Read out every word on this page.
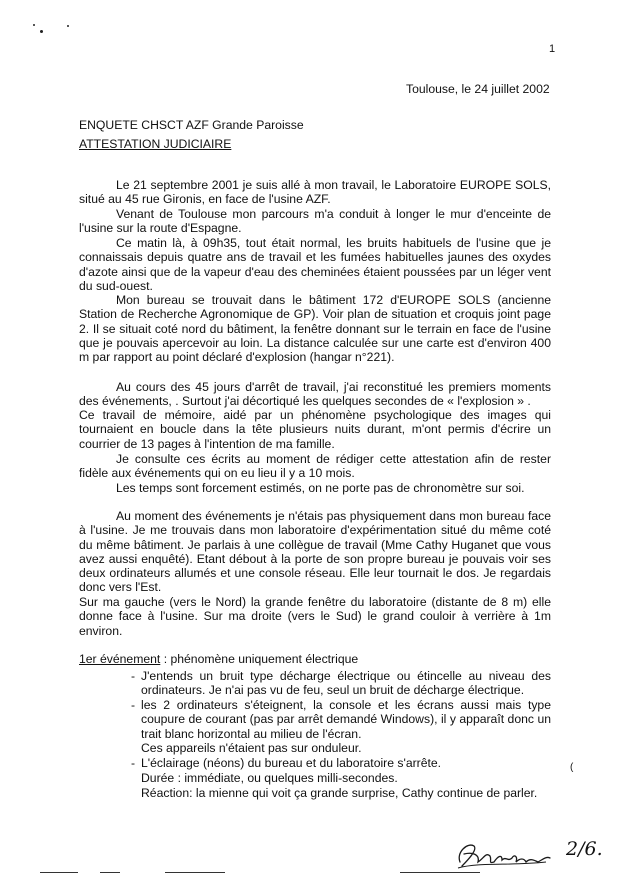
1
Toulouse, le 24 juillet 2002
ENQUETE CHSCT AZF Grande Paroisse
ATTESTATION JUDICIAIRE
Le 21 septembre 2001 je suis allé à mon travail, le Laboratoire EUROPE SOLS, situé au 45 rue Gironis, en face de l'usine AZF.
Venant de Toulouse mon parcours m'a conduit à longer le mur d'enceinte de l'usine sur la route d'Espagne.
Ce matin là, à 09h35, tout était normal, les bruits habituels de l'usine que je connaissais depuis quatre ans de travail et les fumées habituelles jaunes des oxydes d'azote ainsi que de la vapeur d'eau des cheminées étaient poussées par un léger vent du sud-ouest.
Mon bureau se trouvait dans le bâtiment 172 d'EUROPE SOLS (ancienne Station de Recherche Agronomique de GP). Voir plan de situation et croquis joint page 2. Il se situait coté nord du bâtiment, la fenêtre donnant sur le terrain en face de l'usine que je pouvais apercevoir au loin. La distance calculée sur une carte est d'environ 400 m par rapport au point déclaré d'explosion (hangar n°221).
Au cours des 45 jours d'arrêt de travail, j'ai reconstitué les premiers moments des événements, . Surtout j'ai décortiqué les quelques secondes de « l'explosion » .
Ce travail de mémoire, aidé par un phénomène psychologique des images qui tournaient en boucle dans la tête plusieurs nuits durant, m'ont permis d'écrire un courrier de 13 pages à l'intention de ma famille.
Je consulte ces écrits au moment de rédiger cette attestation afin de rester fidèle aux événements qui on eu lieu il y a 10 mois.
Les temps sont forcement estimés, on ne porte pas de chronomètre sur soi.
Au moment des événements je n'étais pas physiquement dans mon bureau face à l'usine. Je me trouvais dans mon laboratoire d'expérimentation situé du même coté du même bâtiment. Je parlais à une collègue de travail (Mme Cathy Huganet que vous avez aussi enquêté). Etant débout à la porte de son propre bureau je pouvais voir ses deux ordinateurs allumés et une console réseau. Elle leur tournait le dos. Je regardais donc vers l'Est.
Sur ma gauche (vers le Nord) la grande fenêtre du laboratoire (distante de 8 m) elle donne face à l'usine. Sur ma droite (vers le Sud) le grand couloir à verrière à 1m environ.
1er événement : phénomène uniquement électrique
- J'entends un bruit type décharge électrique ou étincelle au niveau des ordinateurs. Je n'ai pas vu de feu, seul un bruit de décharge électrique.
- les 2 ordinateurs s'éteignent, la console et les écrans aussi mais type coupure de courant (pas par arrêt demandé Windows), il y apparaît donc un trait blanc horizontal au milieu de l'écran.
Ces appareils n'étaient pas sur onduleur.
- L'éclairage (néons) du bureau et du laboratoire s'arrête.
Durée : immédiate, ou quelques milli-secondes.
Réaction: la mienne qui voit ça grande surprise, Cathy continue de parler.
(
2/6.
